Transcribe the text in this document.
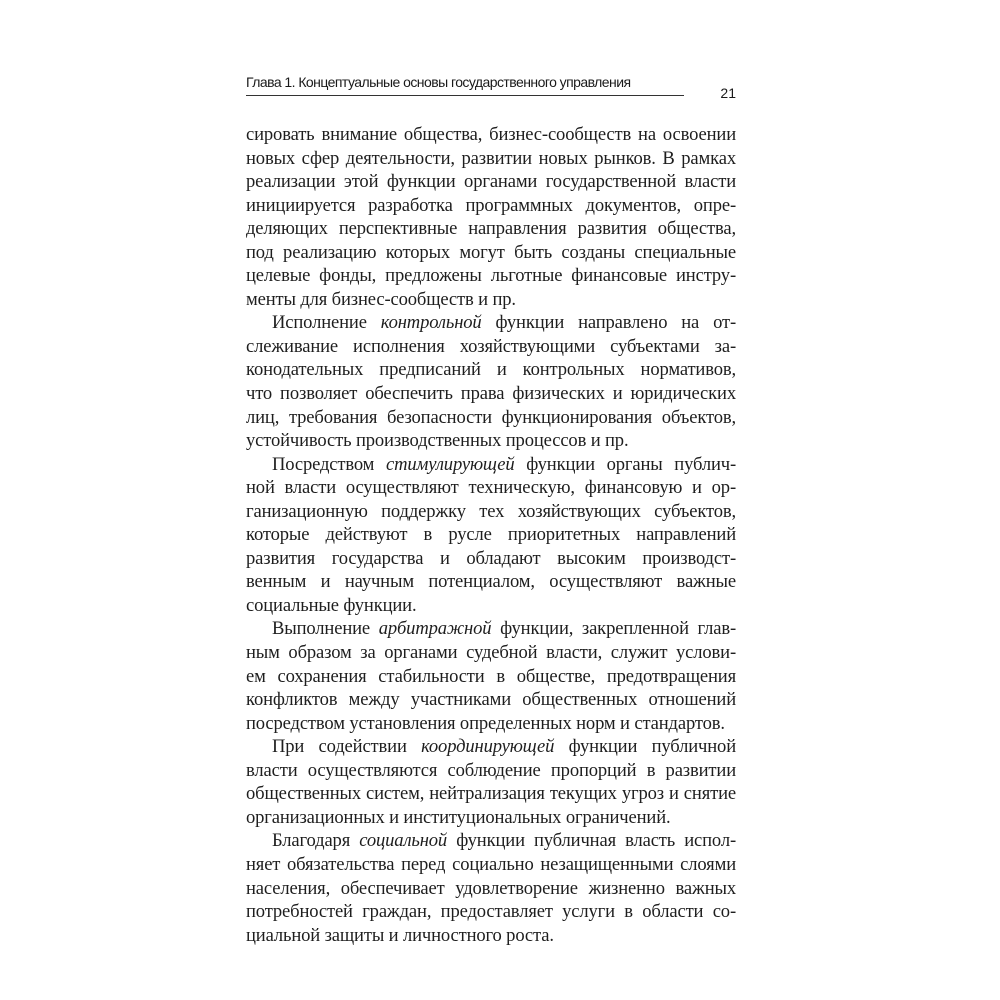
Глава 1. Концептуальные основы государственного управления
21
сировать внимание общества, бизнес-сообществ на освоении
новых сфер деятельности, развитии новых рынков. В рамках
реализации этой функции органами государственной власти
инициируется разработка программных документов, опре-
деляющих перспективные направления развития общества,
под реализацию которых могут быть созданы специальные
целевые фонды, предложены льготные финансовые инстру-
менты для бизнес-сообществ и пр.
Исполнение контрольной функции направлено на от-
слеживание исполнения хозяйствующими субъектами за-
конодательных предписаний и контрольных нормативов,
что позволяет обеспечить права физических и юридических
лиц, требования безопасности функционирования объектов,
устойчивость производственных процессов и пр.
Посредством стимулирующей функции органы публич-
ной власти осуществляют техническую, финансовую и ор-
ганизационную поддержку тех хозяйствующих субъектов,
которые действуют в русле приоритетных направлений
развития государства и обладают высоким производст-
венным и научным потенциалом, осуществляют важные
социальные функции.
Выполнение арбитражной функции, закрепленной глав-
ным образом за органами судебной власти, служит услови-
ем сохранения стабильности в обществе, предотвращения
конфликтов между участниками общественных отношений
посредством установления определенных норм и стандартов.
При содействии координирующей функции публичной
власти осуществляются соблюдение пропорций в развитии
общественных систем, нейтрализация текущих угроз и снятие
организационных и институциональных ограничений.
Благодаря социальной функции публичная власть испол-
няет обязательства перед социально незащищенными слоями
населения, обеспечивает удовлетворение жизненно важных
потребностей граждан, предоставляет услуги в области со-
циальной защиты и личностного роста.
